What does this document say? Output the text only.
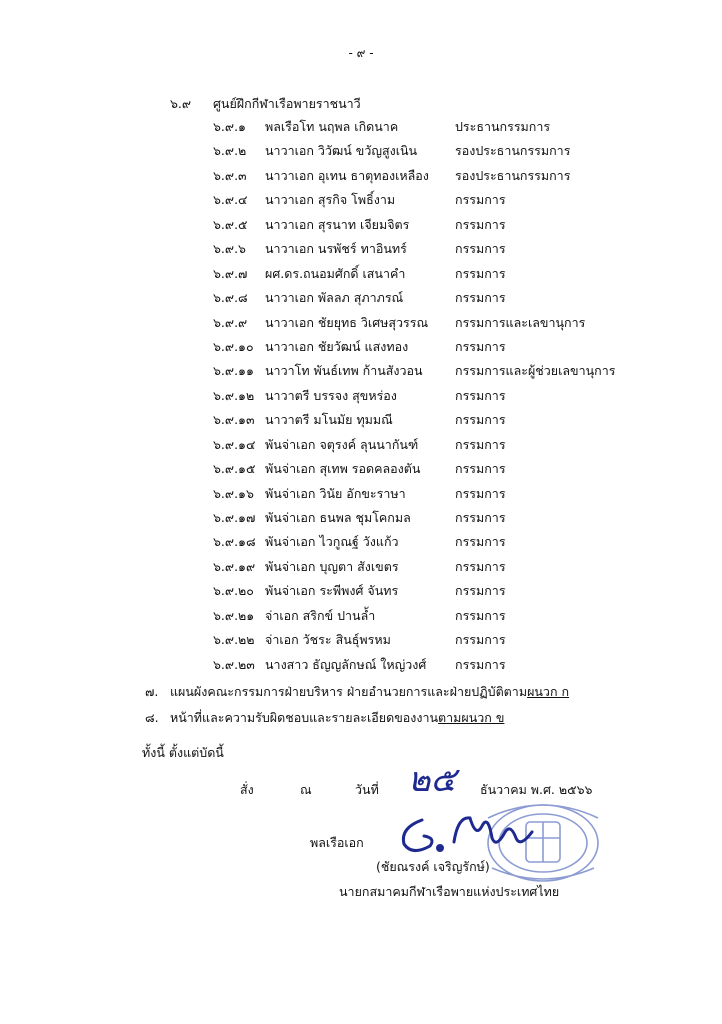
- ๙ -
๖.๙ ศูนย์ฝึกกีฬาเรือพายราชนาวี
๖.๙.๑ พลเรือโท นฤพล เกิดนาค	ประธานกรรมการ
๖.๙.๒ นาวาเอก วิวัฒน์ ขวัญสูงเนิน	รองประธานกรรมการ
๖.๙.๓ นาวาเอก อุเทน ธาตุทองเหลือง รองประธานกรรมการ
๖.๙.๔ นาวาเอก สุรกิจ โพธิ์งาม	กรรมการ
๖.๙.๕ นาวาเอก สุรนาท เจียมจิตร	กรรมการ
๖.๙.๖ นาวาเอก นรพัชร์ ทาอินทร์	กรรมการ
๖.๙.๗ ผศ.ดร.ถนอมศักดิ์ เสนาคำ	กรรมการ
๖.๙.๘ นาวาเอก พัลลภ สุภาภรณ์	กรรมการ
๖.๙.๙ นาวาเอก ชัยยุทธ วิเศษสุวรรณ กรรมการและเลขานุการ
๖.๙.๑๐ นาวาเอก ชัยวัฒน์ แสงทอง	กรรมการ
๖.๙.๑๑ นาวาโท พันธ์เทพ ก้านสังวอน	กรรมการและผู้ช่วยเลขานุการ
๖.๙.๑๒ นาวาตรี บรรจง สุขหร่อง	กรรมการ
๖.๙.๑๓ นาวาตรี มโนมัย ทุมมณี	กรรมการ
๖.๙.๑๔ พันจ่าเอก จตุรงค์ ลุนนากันฑ์	กรรมการ
๖.๙.๑๕ พันจ่าเอก สุเทพ รอดคลองตัน	กรรมการ
๖.๙.๑๖ พันจ่าเอก วินัย อักขะราษา	กรรมการ
๖.๙.๑๗ พันจ่าเอก ธนพล ชุมโคกมล	กรรมการ
๖.๙.๑๘ พันจ่าเอก ไวกูณฐ์ วังแก้ว	กรรมการ
๖.๙.๑๙ พันจ่าเอก บุญตา สังเขตร	กรรมการ
๖.๙.๒๐ พันจ่าเอก ระพีพงศ์ จันทร	กรรมการ
๖.๙.๒๑ จ่าเอก สริกข์ ปานล้ำ	กรรมการ
๖.๙.๒๒ จ่าเอก วัชระ สินธุ์พรหม	กรรมการ
๖.๙.๒๓ นางสาว ธัญญลักษณ์ ใหญ่วงศ์ กรรมการ
๗. แผนผังคณะกรรมการฝ่ายบริหาร ฝ่ายอำนวยการและฝ่ายปฏิบัติตามผนวก ก
๘. หน้าที่และความรับผิดชอบและรายละเอียดของงานตามผนวก ข
ทั้งนี้ ตั้งแต่บัดนี้
สั่ง	ณ	วันที่ ๒๕ ธันวาคม พ.ศ. ๒๕๖๖
พลเรือเอก
(ชัยณรงค์ เจริญรักษ์)
นายกสมาคมกีฬาเรือพายแห่งประเทศไทย
